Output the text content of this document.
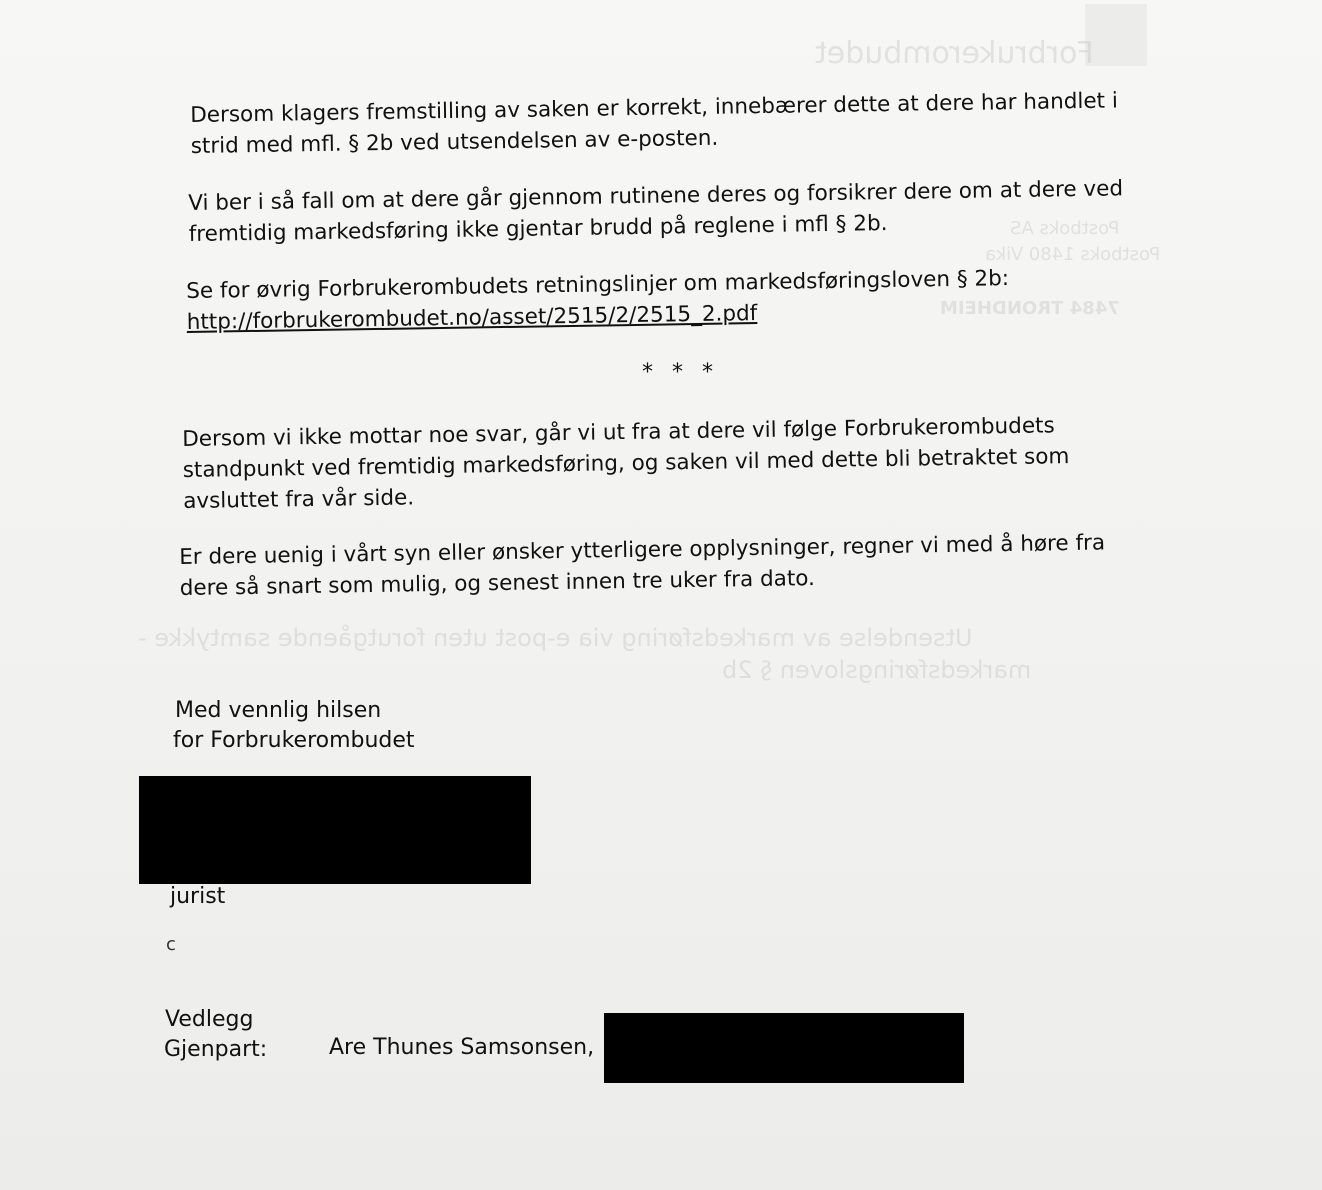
Forbrukerombudet
Postboks AS
Postboks 1480 Vika
7484 TRONDHEIM
Utsendelse av markedsføring via e-post uten forutgående samtykke -
markedsføringsloven § 2b
Dersom klagers fremstilling av saken er korrekt, innebærer dette at dere har handlet i
strid med mfl. § 2b ved utsendelsen av e-posten.
Vi ber i så fall om at dere går gjennom rutinene deres og forsikrer dere om at dere ved
fremtidig markedsføring ikke gjentar brudd på reglene i mfl § 2b.
Se for øvrig Forbrukerombudets retningslinjer om markedsføringsloven § 2b:
http://forbrukerombudet.no/asset/2515/2/2515_2.pdf
* * *
Dersom vi ikke mottar noe svar, går vi ut fra at dere vil følge Forbrukerombudets
standpunkt ved fremtidig markedsføring, og saken vil med dette bli betraktet som
avsluttet fra vår side.
Er dere uenig i vårt syn eller ønsker ytterligere opplysninger, regner vi med å høre fra
dere så snart som mulig, og senest innen tre uker fra dato.
Med vennlig hilsen
for Forbrukerombudet
jurist
c
Vedlegg
Gjenpart:	Are Thunes Samsonsen,
